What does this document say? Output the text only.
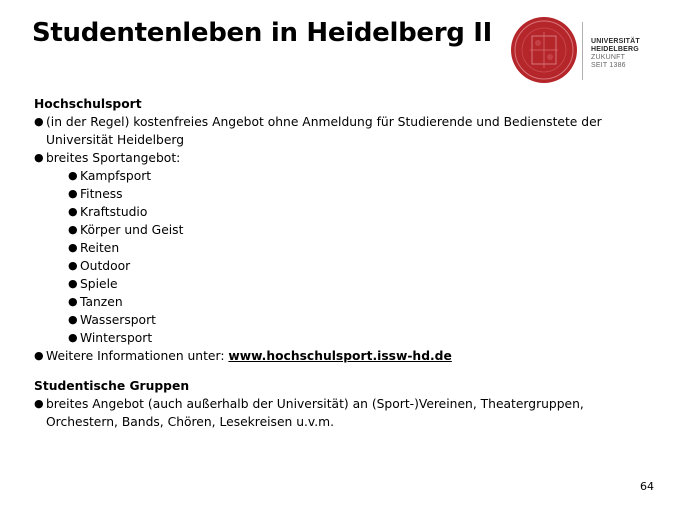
Studentenleben in Heidelberg II	UNIVERSITÄT
HEIDELBERG
ZUKUNFT
SEIT 1386
Hochschulsport
● (in der Regel) kostenfreies Angebot ohne Anmeldung für Studierende und Bedienstete der Universität Heidelberg
● breites Sportangebot:
● Kampfsport
● Fitness
● Kraftstudio
● Körper und Geist
● Reiten
● Outdoor
● Spiele
● Tanzen
● Wassersport
● Wintersport
● Weitere Informationen unter: www.hochschulsport.issw-hd.de
Studentische Gruppen
● breites Angebot (auch außerhalb der Universität) an (Sport-)Vereinen, Theatergruppen, Orchestern, Bands, Chören, Lesekreisen u.v.m.
64
